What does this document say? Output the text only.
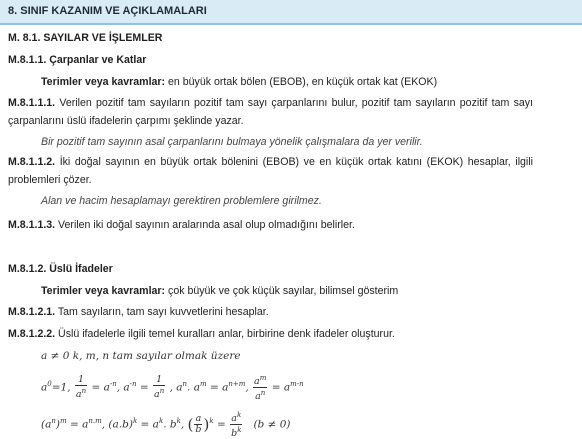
8. SINIF KAZANIM VE AÇIKLAMALARI
M. 8.1. SAYILAR VE İŞLEMLER
M.8.1.1. Çarpanlar ve Katlar
Terimler veya kavramlar: en büyük ortak bölen (EBOB), en küçük ortak kat (EKOK)
M.8.1.1.1. Verilen pozitif tam sayıların pozitif tam sayı çarpanlarını bulur, pozitif tam sayıların pozitif tam sayı çarpanlarını üslü ifadelerin çarpımı şeklinde yazar.
Bir pozitif tam sayının asal çarpanlarını bulmaya yönelik çalışmalara da yer verilir.
M.8.1.1.2. İki doğal sayının en büyük ortak bölenini (EBOB) ve en küçük ortak katını (EKOK) hesaplar, ilgili problemleri çözer.
Alan ve hacim hesaplamayı gerektiren problemlere girilmez.
M.8.1.1.3. Verilen iki doğal sayının aralarında asal olup olmadığını belirler.
M.8.1.2. Üslü İfadeler
Terimler veya kavramlar: çok büyük ve çok küçük sayılar, bilimsel gösterim
M.8.1.2.1. Tam sayıların, tam sayı kuvvetlerini hesaplar.
M.8.1.2.2. Üslü ifadelerle ilgili temel kuralları anlar, birbirine denk ifadeler oluşturur.
a ≠ 0 k, m, n tam sayılar olmak üzere
$a^0=1$, $\frac{1}{a^n} = a^{-n}$, $a^{-n} = \frac{1}{a^n}$ , $a^n$. $a^m = a^{n+m}$, $\frac{a^m}{a^n} = a^{m-n}$
$(a^n)^m = a^{n.m}$, $(a.b)^k = a^k$. $b^k$, ( $\frac{a}{b} )^k = \frac{a^k}{b^k} (b \ne 0)$
